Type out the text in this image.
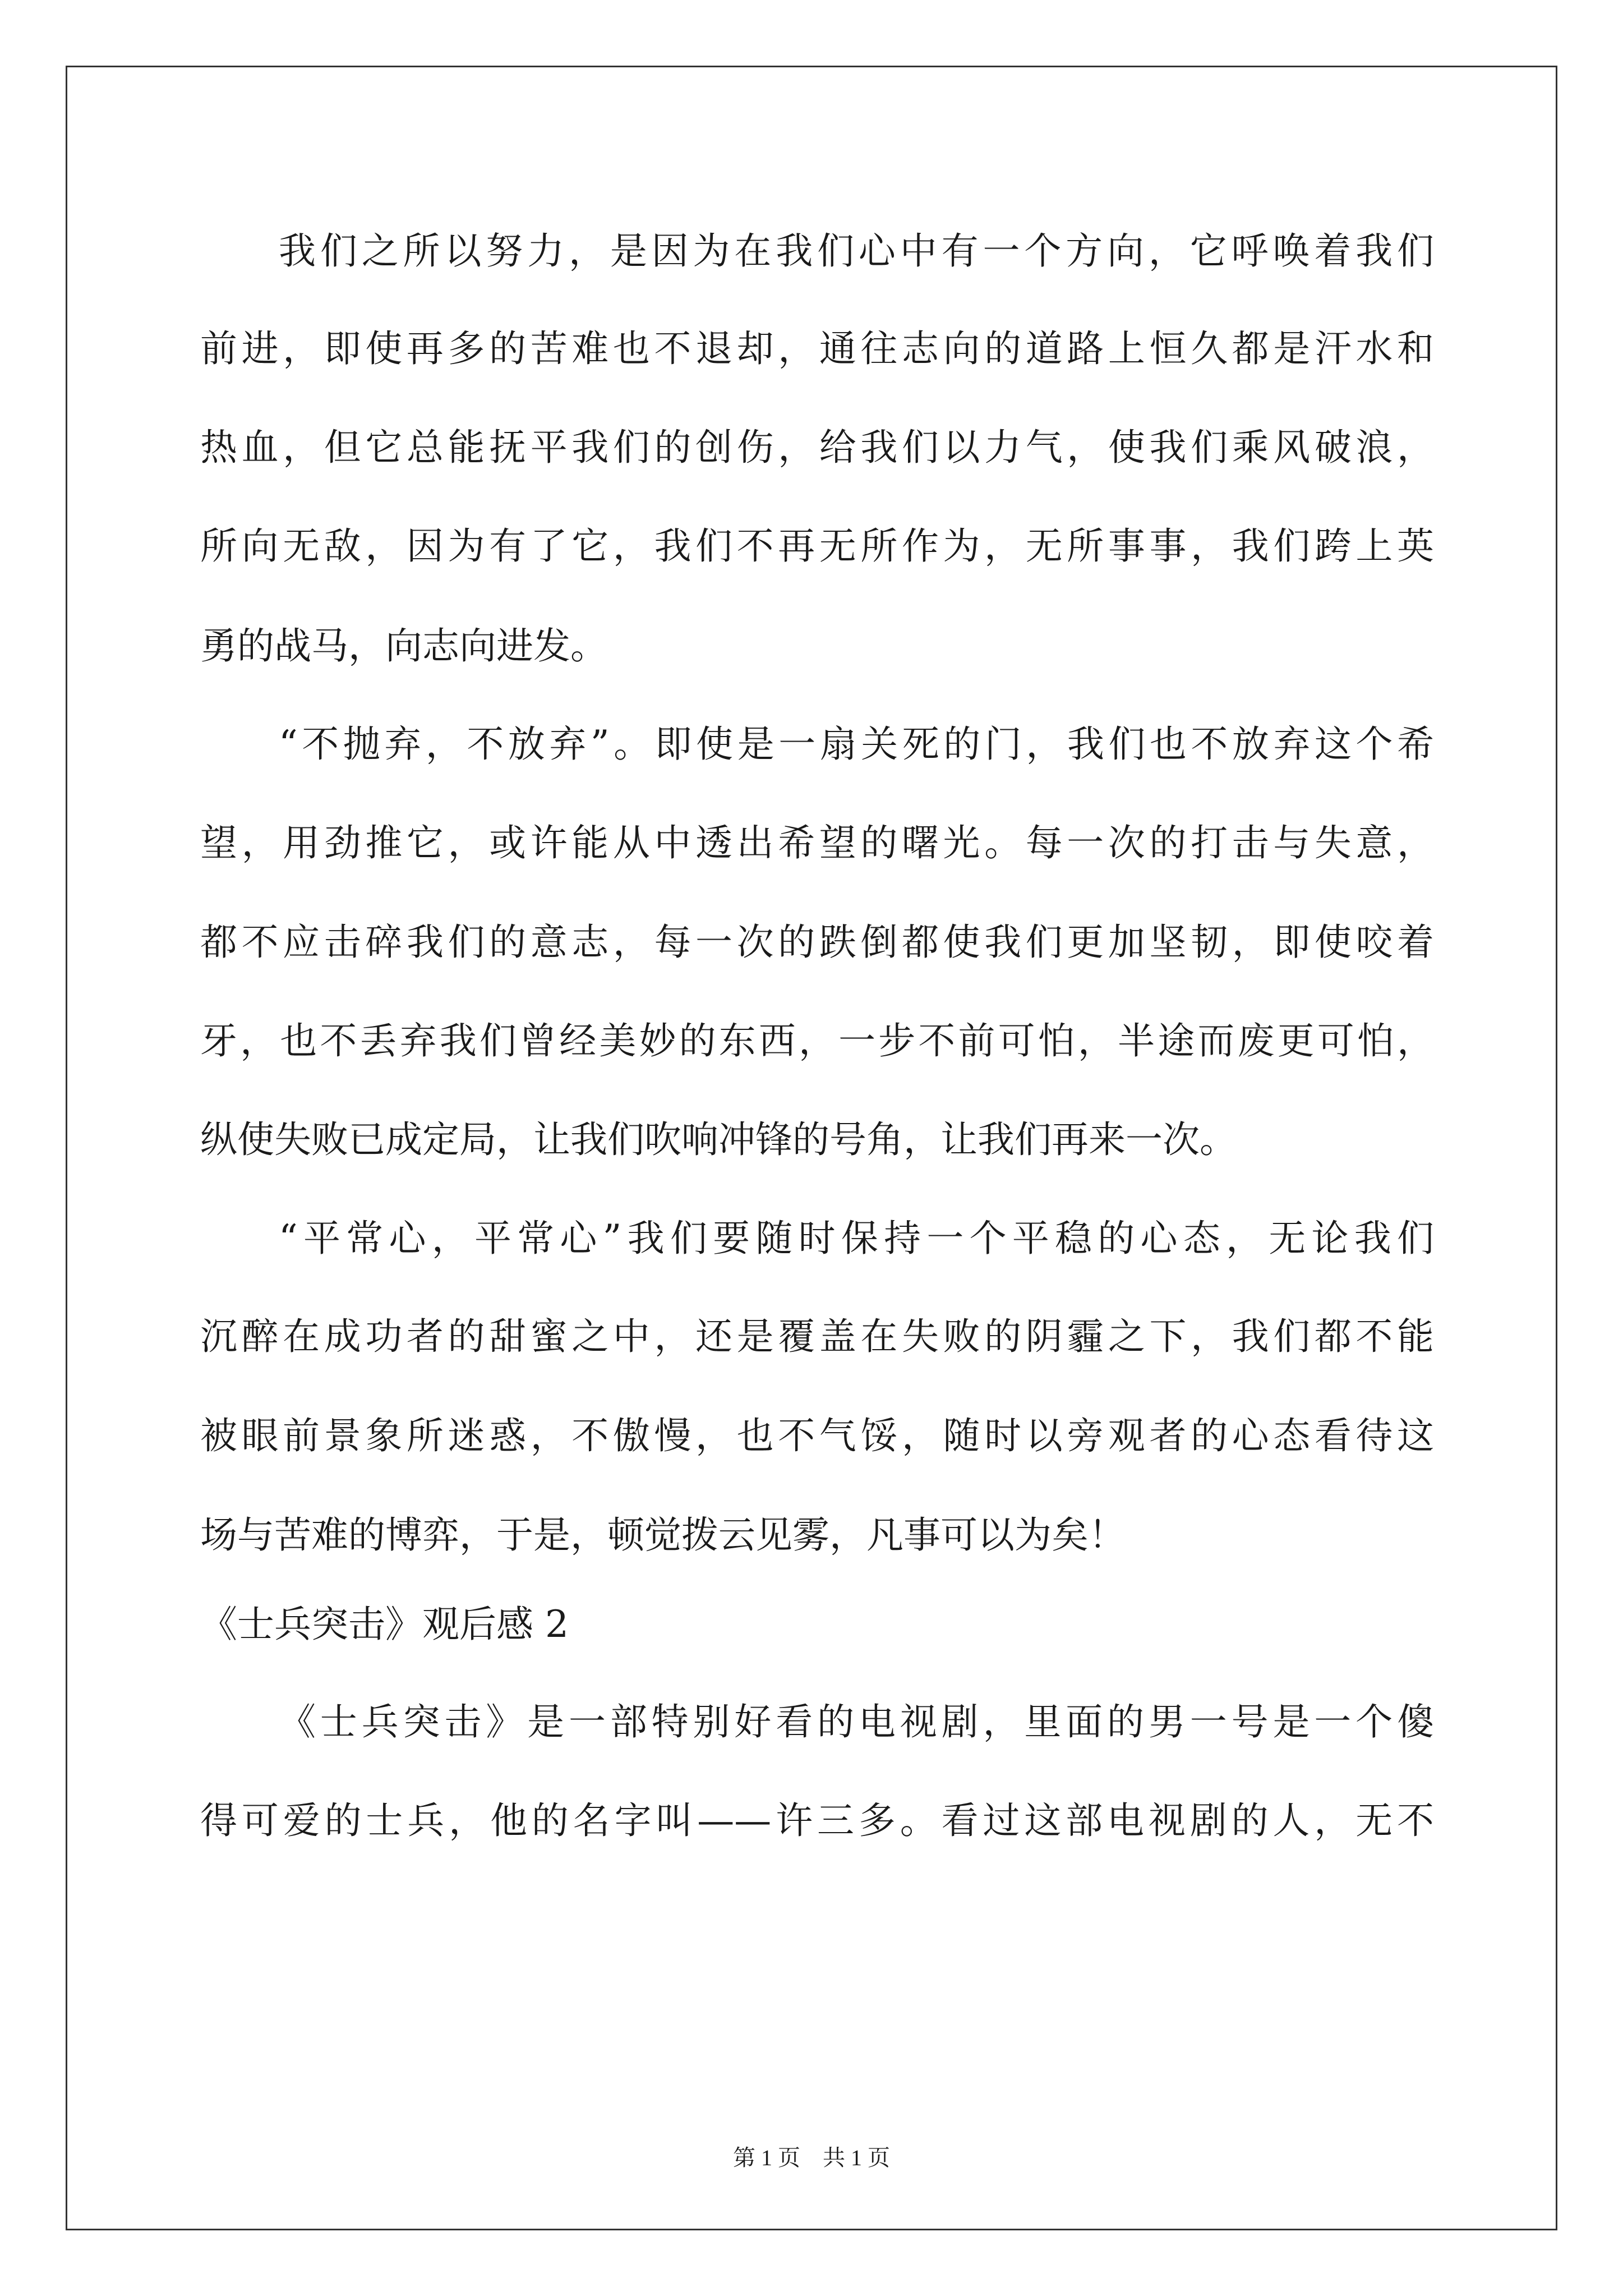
我们之所以努力，是因为在我们心中有一个方向，它呼唤着我们
前进，即使再多的苦难也不退却，通往志向的道路上恒久都是汗水和
热血，但它总能抚平我们的创伤，给我们以力气，使我们乘风破浪，
所向无敌，因为有了它，我们不再无所作为，无所事事，我们跨上英
勇的战马，向志向进发。
“不抛弃，不放弃”。即使是一扇关死的门，我们也不放弃这个希
望，用劲推它，或许能从中透出希望的曙光。每一次的打击与失意，
都不应击碎我们的意志，每一次的跌倒都使我们更加坚韧，即使咬着
牙，也不丢弃我们曾经美妙的东西，一步不前可怕，半途而废更可怕，
纵使失败已成定局，让我们吹响冲锋的号角，让我们再来一次。
“平常心，平常心”我们要随时保持一个平稳的心态，无论我们
沉醉在成功者的甜蜜之中，还是覆盖在失败的阴霾之下，我们都不能
被眼前景象所迷惑，不傲慢，也不气馁，随时以旁观者的心态看待这
场与苦难的博弈，于是，顿觉拨云见雾，凡事可以为矣！
《士兵突击》观后感 2
《士兵突击》是一部特别好看的电视剧，里面的男一号是一个傻
得可爱的士兵，他的名字叫——许三多。看过这部电视剧的人，无不
第 1 页　共 1 页
